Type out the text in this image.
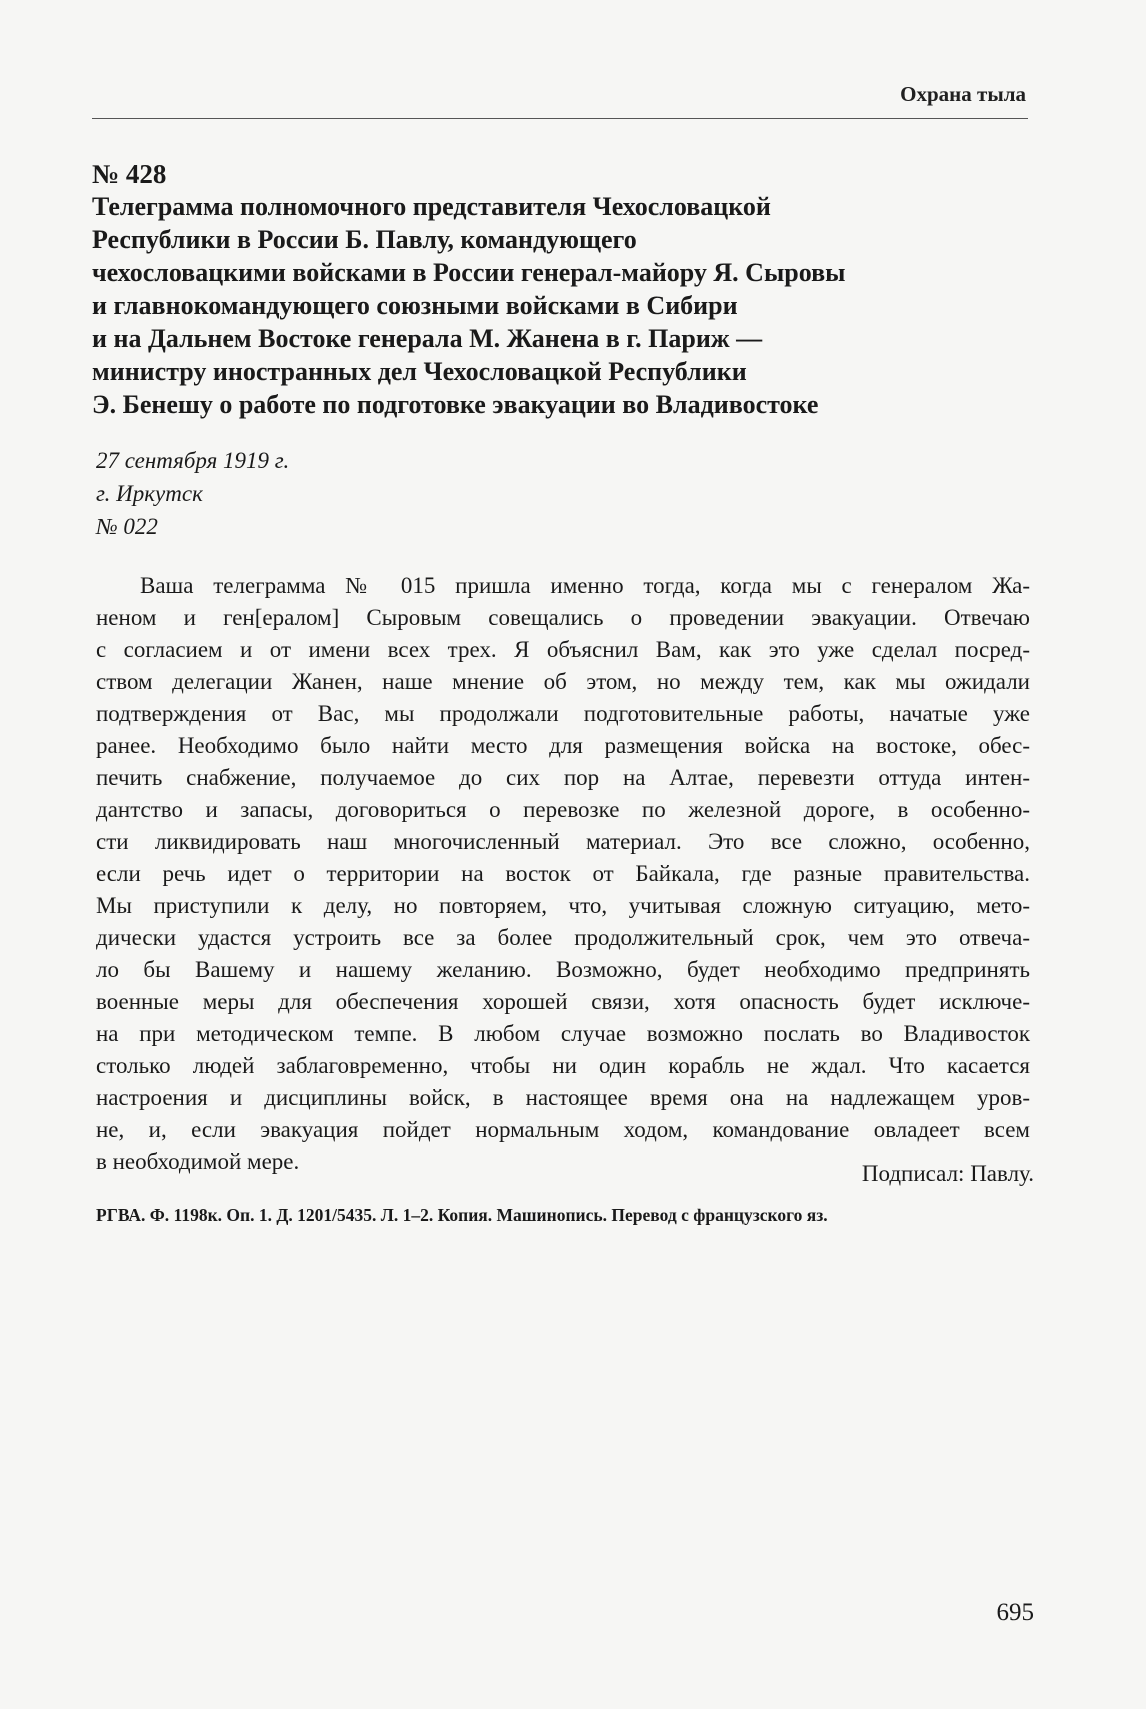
Охрана тыла
№ 428
Телеграмма полномочного представителя Чехословацкой
Республики в России Б. Павлу, командующего
чехословацкими войсками в России генерал-майору Я. Сыровы
и главнокомандующего союзными войсками в Сибири
и на Дальнем Востоке генерала М. Жанена в г. Париж —
министру иностранных дел Чехословацкой Республики
Э. Бенешу о работе по подготовке эвакуации во Владивостоке
27 сентября 1919 г.
г. Иркутск
№ 022
Ваша телеграмма № 015 пришла именно тогда, когда мы с генералом Жа-
неном и ген[ералом] Сыровым совещались о проведении эвакуации. Отвечаю
с согласием и от имени всех трех. Я объяснил Вам, как это уже сделал посред-
ством делегации Жанен, наше мнение об этом, но между тем, как мы ожидали
подтверждения от Вас, мы продолжали подготовительные работы, начатые уже
ранее. Необходимо было найти место для размещения войска на востоке, обес-
печить снабжение, получаемое до сих пор на Алтае, перевезти оттуда интен-
дантство и запасы, договориться о перевозке по железной дороге, в особенно-
сти ликвидировать наш многочисленный материал. Это все сложно, особенно,
если речь идет о территории на восток от Байкала, где разные правительства.
Мы приступили к делу, но повторяем, что, учитывая сложную ситуацию, мето-
дически удастся устроить все за более продолжительный срок, чем это отвеча-
ло бы Вашему и нашему желанию. Возможно, будет необходимо предпринять
военные меры для обеспечения хорошей связи, хотя опасность будет исключе-
на при методическом темпе. В любом случае возможно послать во Владивосток
столько людей заблаговременно, чтобы ни один корабль не ждал. Что касается
настроения и дисциплины войск, в настоящее время она на надлежащем уров-
не, и, если эвакуация пойдет нормальным ходом, командование овладеет всем
в необходимой мере.	Подписал: Павлу.
РГВА. Ф. 1198к. Оп. 1. Д. 1201/5435. Л. 1–2. Копия. Машинопись. Перевод с французского яз.
695
